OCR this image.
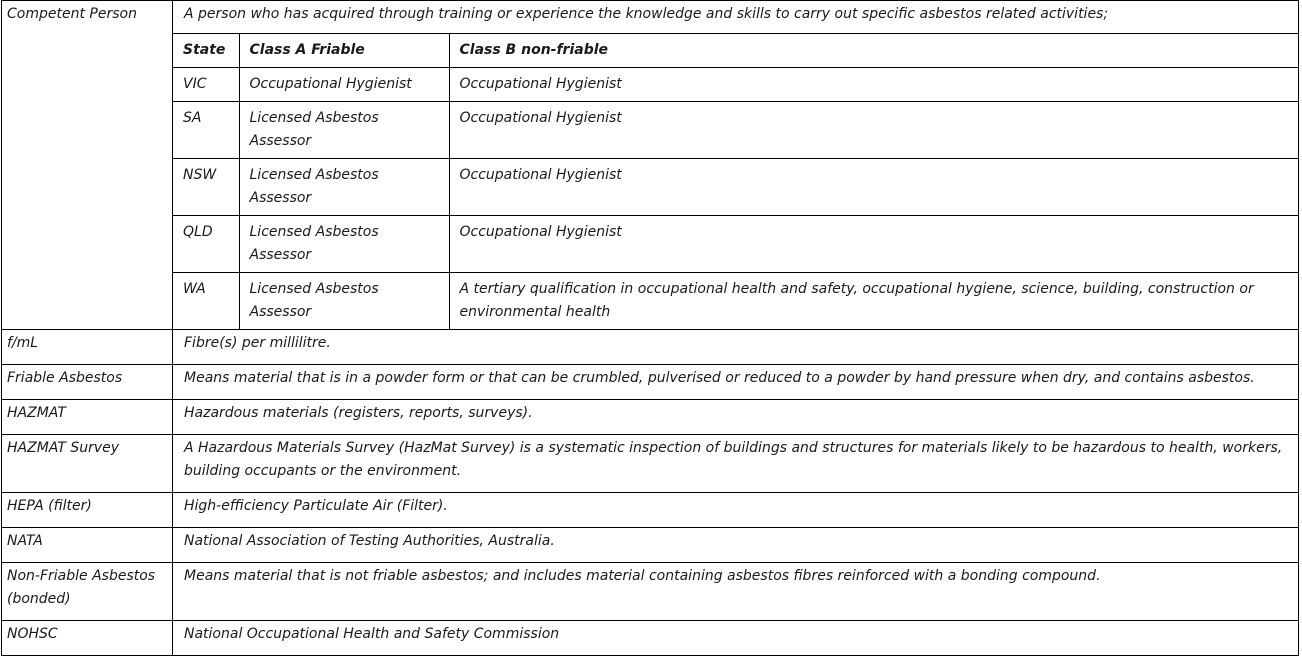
Competent Person	A person who has acquired through training or experience the knowledge and skills to carry out specific asbestos related activities;
State	Class A Friable	Class B non-friable
VIC	Occupational Hygienist	Occupational Hygienist
SA	Licensed Asbestos Assessor	Occupational Hygienist
NSW	Licensed Asbestos Assessor	Occupational Hygienist
QLD	Licensed Asbestos Assessor	Occupational Hygienist
WA	Licensed Asbestos Assessor	A tertiary qualification in occupational health and safety, occupational hygiene, science, building, construction or environmental health

f/mL	Fibre(s) per millilitre.
Friable Asbestos	Means material that is in a powder form or that can be crumbled, pulverised or reduced to a powder by hand pressure when dry, and contains asbestos.
HAZMAT	Hazardous materials (registers, reports, surveys).
HAZMAT Survey	A Hazardous Materials Survey (HazMat Survey) is a systematic inspection of buildings and structures for materials likely to be hazardous to health, workers, building occupants or the environment.
HEPA (filter)	High-efficiency Particulate Air (Filter).
NATA	National Association of Testing Authorities, Australia.
Non-Friable Asbestos (bonded)	Means material that is not friable asbestos; and includes material containing asbestos fibres reinforced with a bonding compound.
NOHSC	National Occupational Health and Safety Commission
